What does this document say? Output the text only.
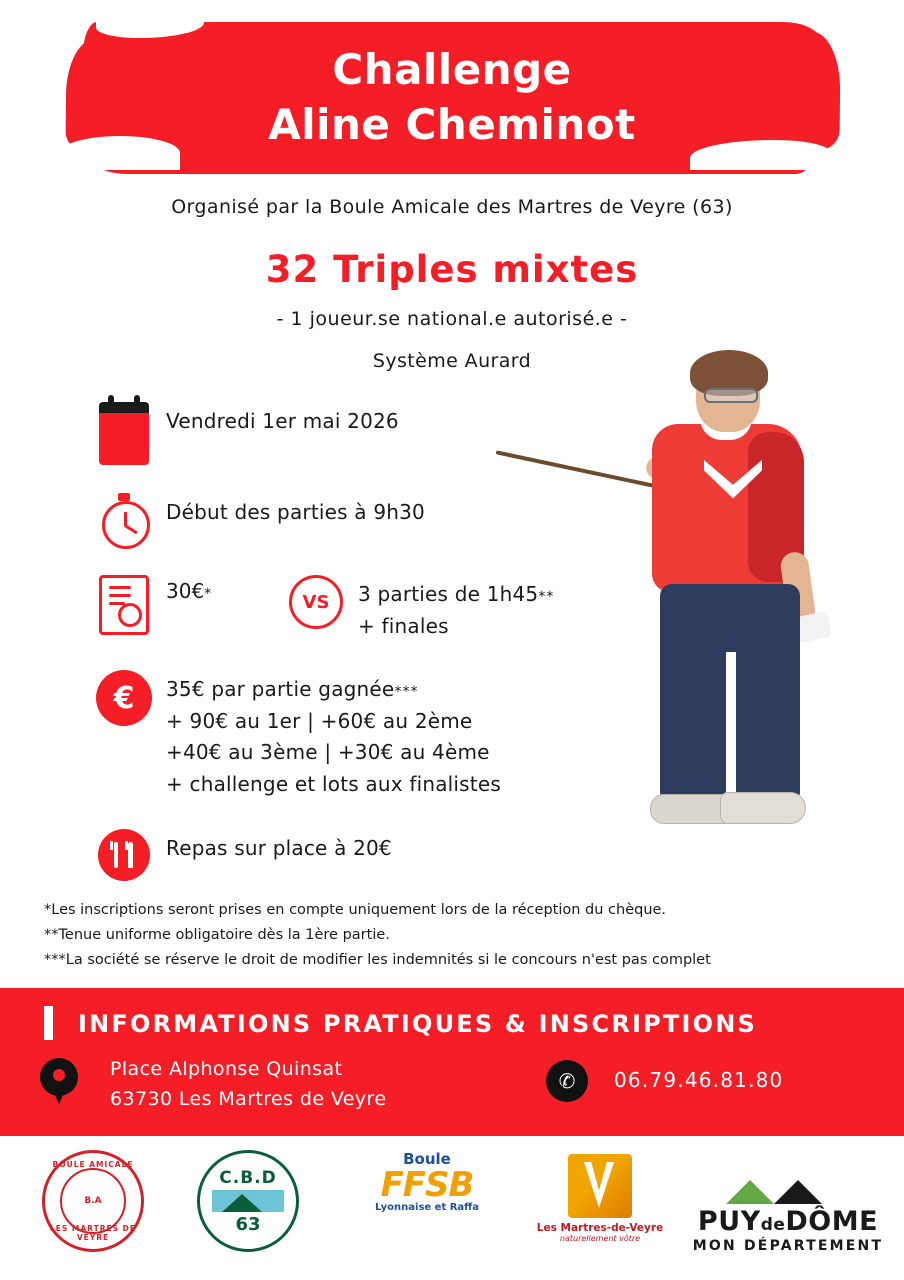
Challenge
Aline Cheminot
Organisé par la Boule Amicale des Martres de Veyre (63)
32 Triples mixtes
- 1 joueur.se national.e autorisé.e -
Système Aurard
Vendredi 1er mai 2026
Début des parties à 9h30
30€*	VS	3 parties de 1h45**
+ finales
€	35€ par partie gagnée***
+ 90€ au 1er | +60€ au 2ème
+40€ au 3ème | +30€ au 4ème
+ challenge et lots aux finalistes
Repas sur place à 20€
*Les inscriptions seront prises en compte uniquement lors de la réception du chèque.
**Tenue uniforme obligatoire dès la 1ère partie.
***La société se réserve le droit de modifier les indemnités si le concours n'est pas complet
INFORMATIONS PRATIQUES & INSCRIPTIONS
Place Alphonse Quinsat
63730 Les Martres de Veyre
✆	06.79.46.81.80
BOULE AMICALE
B.A
LES MARTRES DE VEYRE
C.B.D
63
Boule
FFSB
Lyonnaise et Raffa
Les Martres-de-Veyre
naturellement vôtre
PUYdeDÔME
MON DÉPARTEMENT
